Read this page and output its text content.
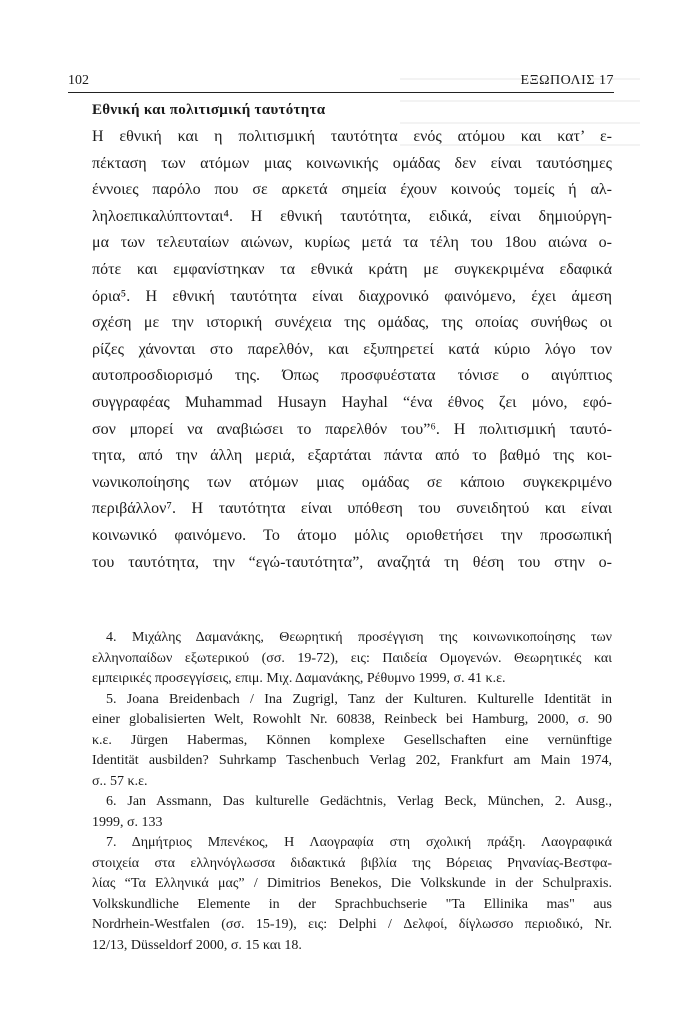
102	ΕΞΩΠΟΛΙΣ 17
Εθνική και πολιτισμική ταυτότητα
Η εθνική και η πολιτισμική ταυτότητα ενός ατόμου και κατ’ ε-
πέκταση των ατόμων μιας κοινωνικής ομάδας δεν είναι ταυτόσημες
έννοιες παρόλο που σε αρκετά σημεία έχουν κοινούς τομείς ή αλ-
ληλοεπικαλύπτονται⁴. Η εθνική ταυτότητα, ειδικά, είναι δημιούργη-
μα των τελευταίων αιώνων, κυρίως μετά τα τέλη του 18ου αιώνα ο-
πότε και εμφανίστηκαν τα εθνικά κράτη με συγκεκριμένα εδαφικά
όρια⁵. Η εθνική ταυτότητα είναι διαχρονικό φαινόμενο, έχει άμεση
σχέση με την ιστορική συνέχεια της ομάδας, της οποίας συνήθως οι
ρίζες χάνονται στο παρελθόν, και εξυπηρετεί κατά κύριο λόγο τον
αυτοπροσδιορισμό της. Όπως προσφυέστατα τόνισε ο αιγύπτιος
συγγραφέας Muhammad Husayn Hayhal “ένα έθνος ζει μόνο, εφό-
σον μπορεί να αναβιώσει το παρελθόν του”⁶. Η πολιτισμική ταυτό-
τητα, από την άλλη μεριά, εξαρτάται πάντα από το βαθμό της κοι-
νωνικοποίησης των ατόμων μιας ομάδας σε κάποιο συγκεκριμένο
περιβάλλον⁷. Η ταυτότητα είναι υπόθεση του συνειδητού και είναι
κοινωνικό φαινόμενο. Το άτομο μόλις οριοθετήσει την προσωπική
του ταυτότητα, την “εγώ-ταυτότητα”, αναζητά τη θέση του στην ο-
4. Μιχάλης Δαμανάκης, Θεωρητική προσέγγιση της κοινωνικοποίησης των
ελληνοπαίδων εξωτερικού (σσ. 19-72), εις: Παιδεία Ομογενών. Θεωρητικές και
εμπειρικές προσεγγίσεις, επιμ. Μιχ. Δαμανάκης, Ρέθυμνο 1999, σ. 41 κ.ε.
5. Joana Breidenbach / Ina Zugrigl, Tanz der Kulturen. Kulturelle Identität in
einer globalisierten Welt, Rowohlt Nr. 60838, Reinbeck bei Hamburg, 2000, σ. 90
κ.ε. Jürgen Habermas, Können komplexe Gesellschaften eine vernünftige
Identität ausbilden? Suhrkamp Taschenbuch Verlag 202, Frankfurt am Main 1974,
σ.. 57 κ.ε.
6. Jan Assmann, Das kulturelle Gedächtnis, Verlag Beck, München, 2. Ausg.,
1999, σ. 133
7. Δημήτριος Μπενέκος, Η Λαογραφία στη σχολική πράξη. Λαογραφικά
στοιχεία στα ελληνόγλωσσα διδακτικά βιβλία της Βόρειας Ρηνανίας-Βεστφα-
λίας “Τα Ελληνικά μας” / Dimitrios Benekos, Die Volkskunde in der Schulpraxis.
Volkskundliche Elemente in der Sprachbuchserie "Ta Ellinika mas" aus
Nordrhein-Westfalen (σσ. 15-19), εις: Delphi / Δελφοί, δίγλωσσο περιοδικό, Nr.
12/13, Düsseldorf 2000, σ. 15 και 18.
